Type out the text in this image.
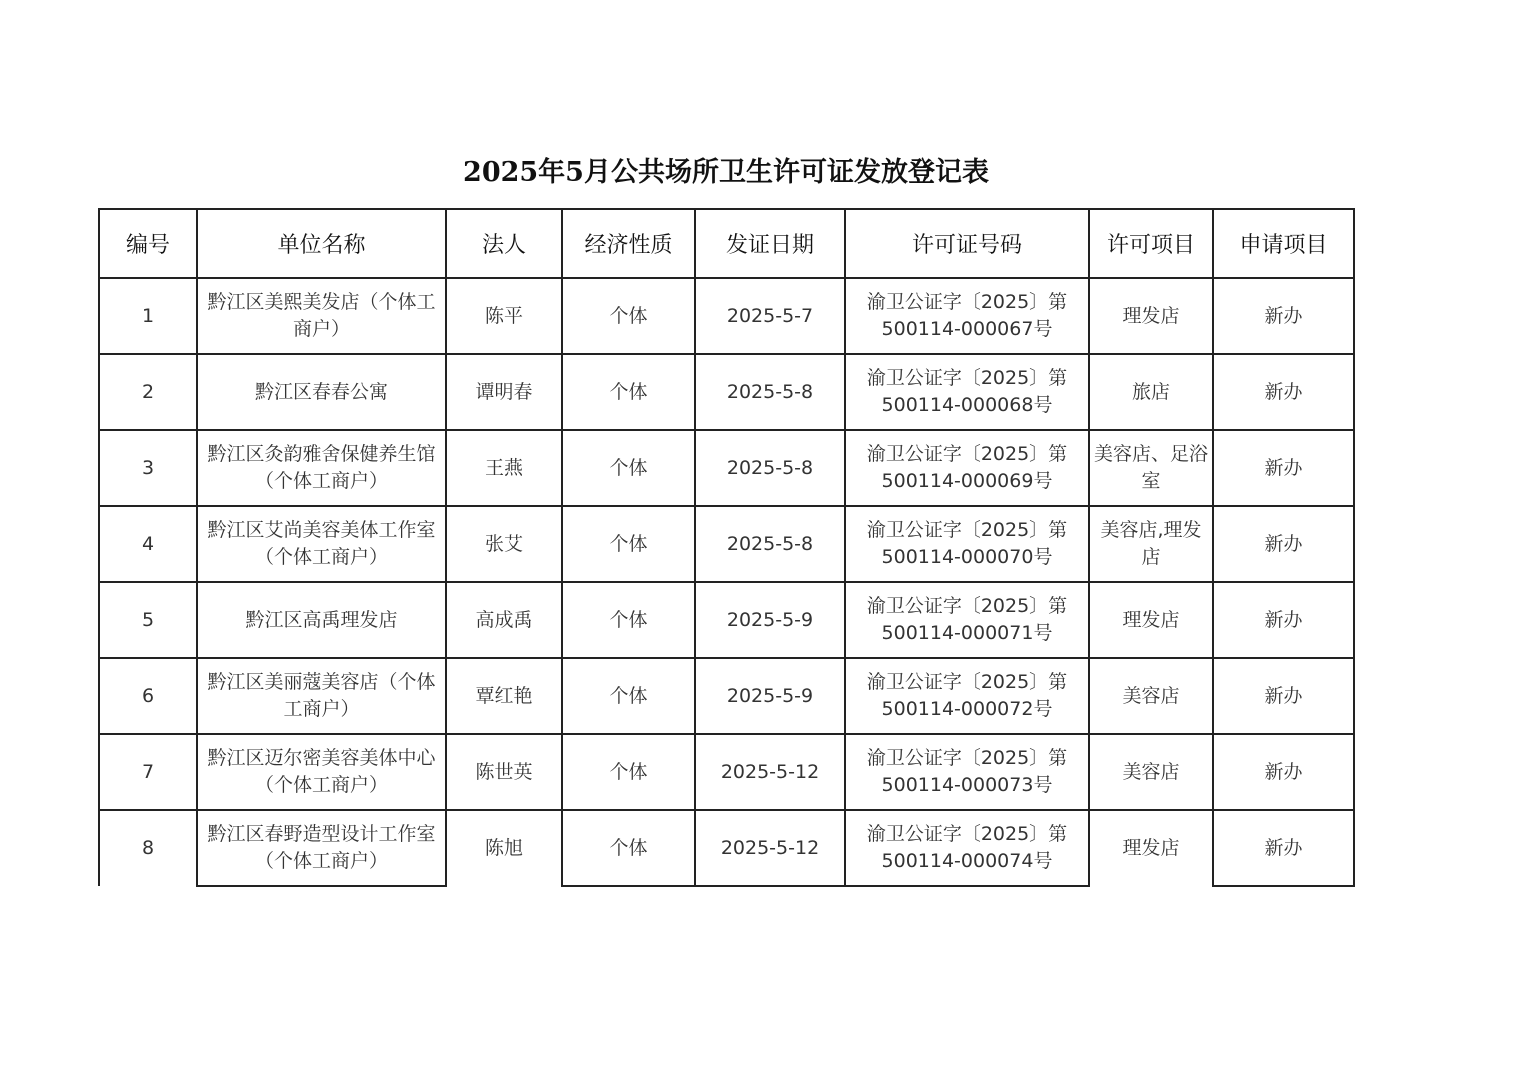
2025年5月公共场所卫生许可证发放登记表
编号	单位名称	法人	经济性质	发证日期	许可证号码	许可项目	申请项目
1	黔江区美熙美发店（个体工商户）	陈平	个体	2025-5-7	渝卫公证字〔2025〕第500114-000067号	理发店	新办
2	黔江区春春公寓	谭明春	个体	2025-5-8	渝卫公证字〔2025〕第500114-000068号	旅店	新办
3	黔江区灸韵雅舍保健养生馆（个体工商户）	王燕	个体	2025-5-8	渝卫公证字〔2025〕第500114-000069号	美容店、足浴室	新办
4	黔江区艾尚美容美体工作室（个体工商户）	张艾	个体	2025-5-8	渝卫公证字〔2025〕第500114-000070号	美容店,理发店	新办
5	黔江区高禹理发店	高成禹	个体	2025-5-9	渝卫公证字〔2025〕第500114-000071号	理发店	新办
6	黔江区美丽蔻美容店（个体工商户）	覃红艳	个体	2025-5-9	渝卫公证字〔2025〕第500114-000072号	美容店	新办
7	黔江区迈尔密美容美体中心（个体工商户）	陈世英	个体	2025-5-12	渝卫公证字〔2025〕第500114-000073号	美容店	新办
8	黔江区春野造型设计工作室（个体工商户）	陈旭	个体	2025-5-12	渝卫公证字〔2025〕第500114-000074号	理发店	新办
